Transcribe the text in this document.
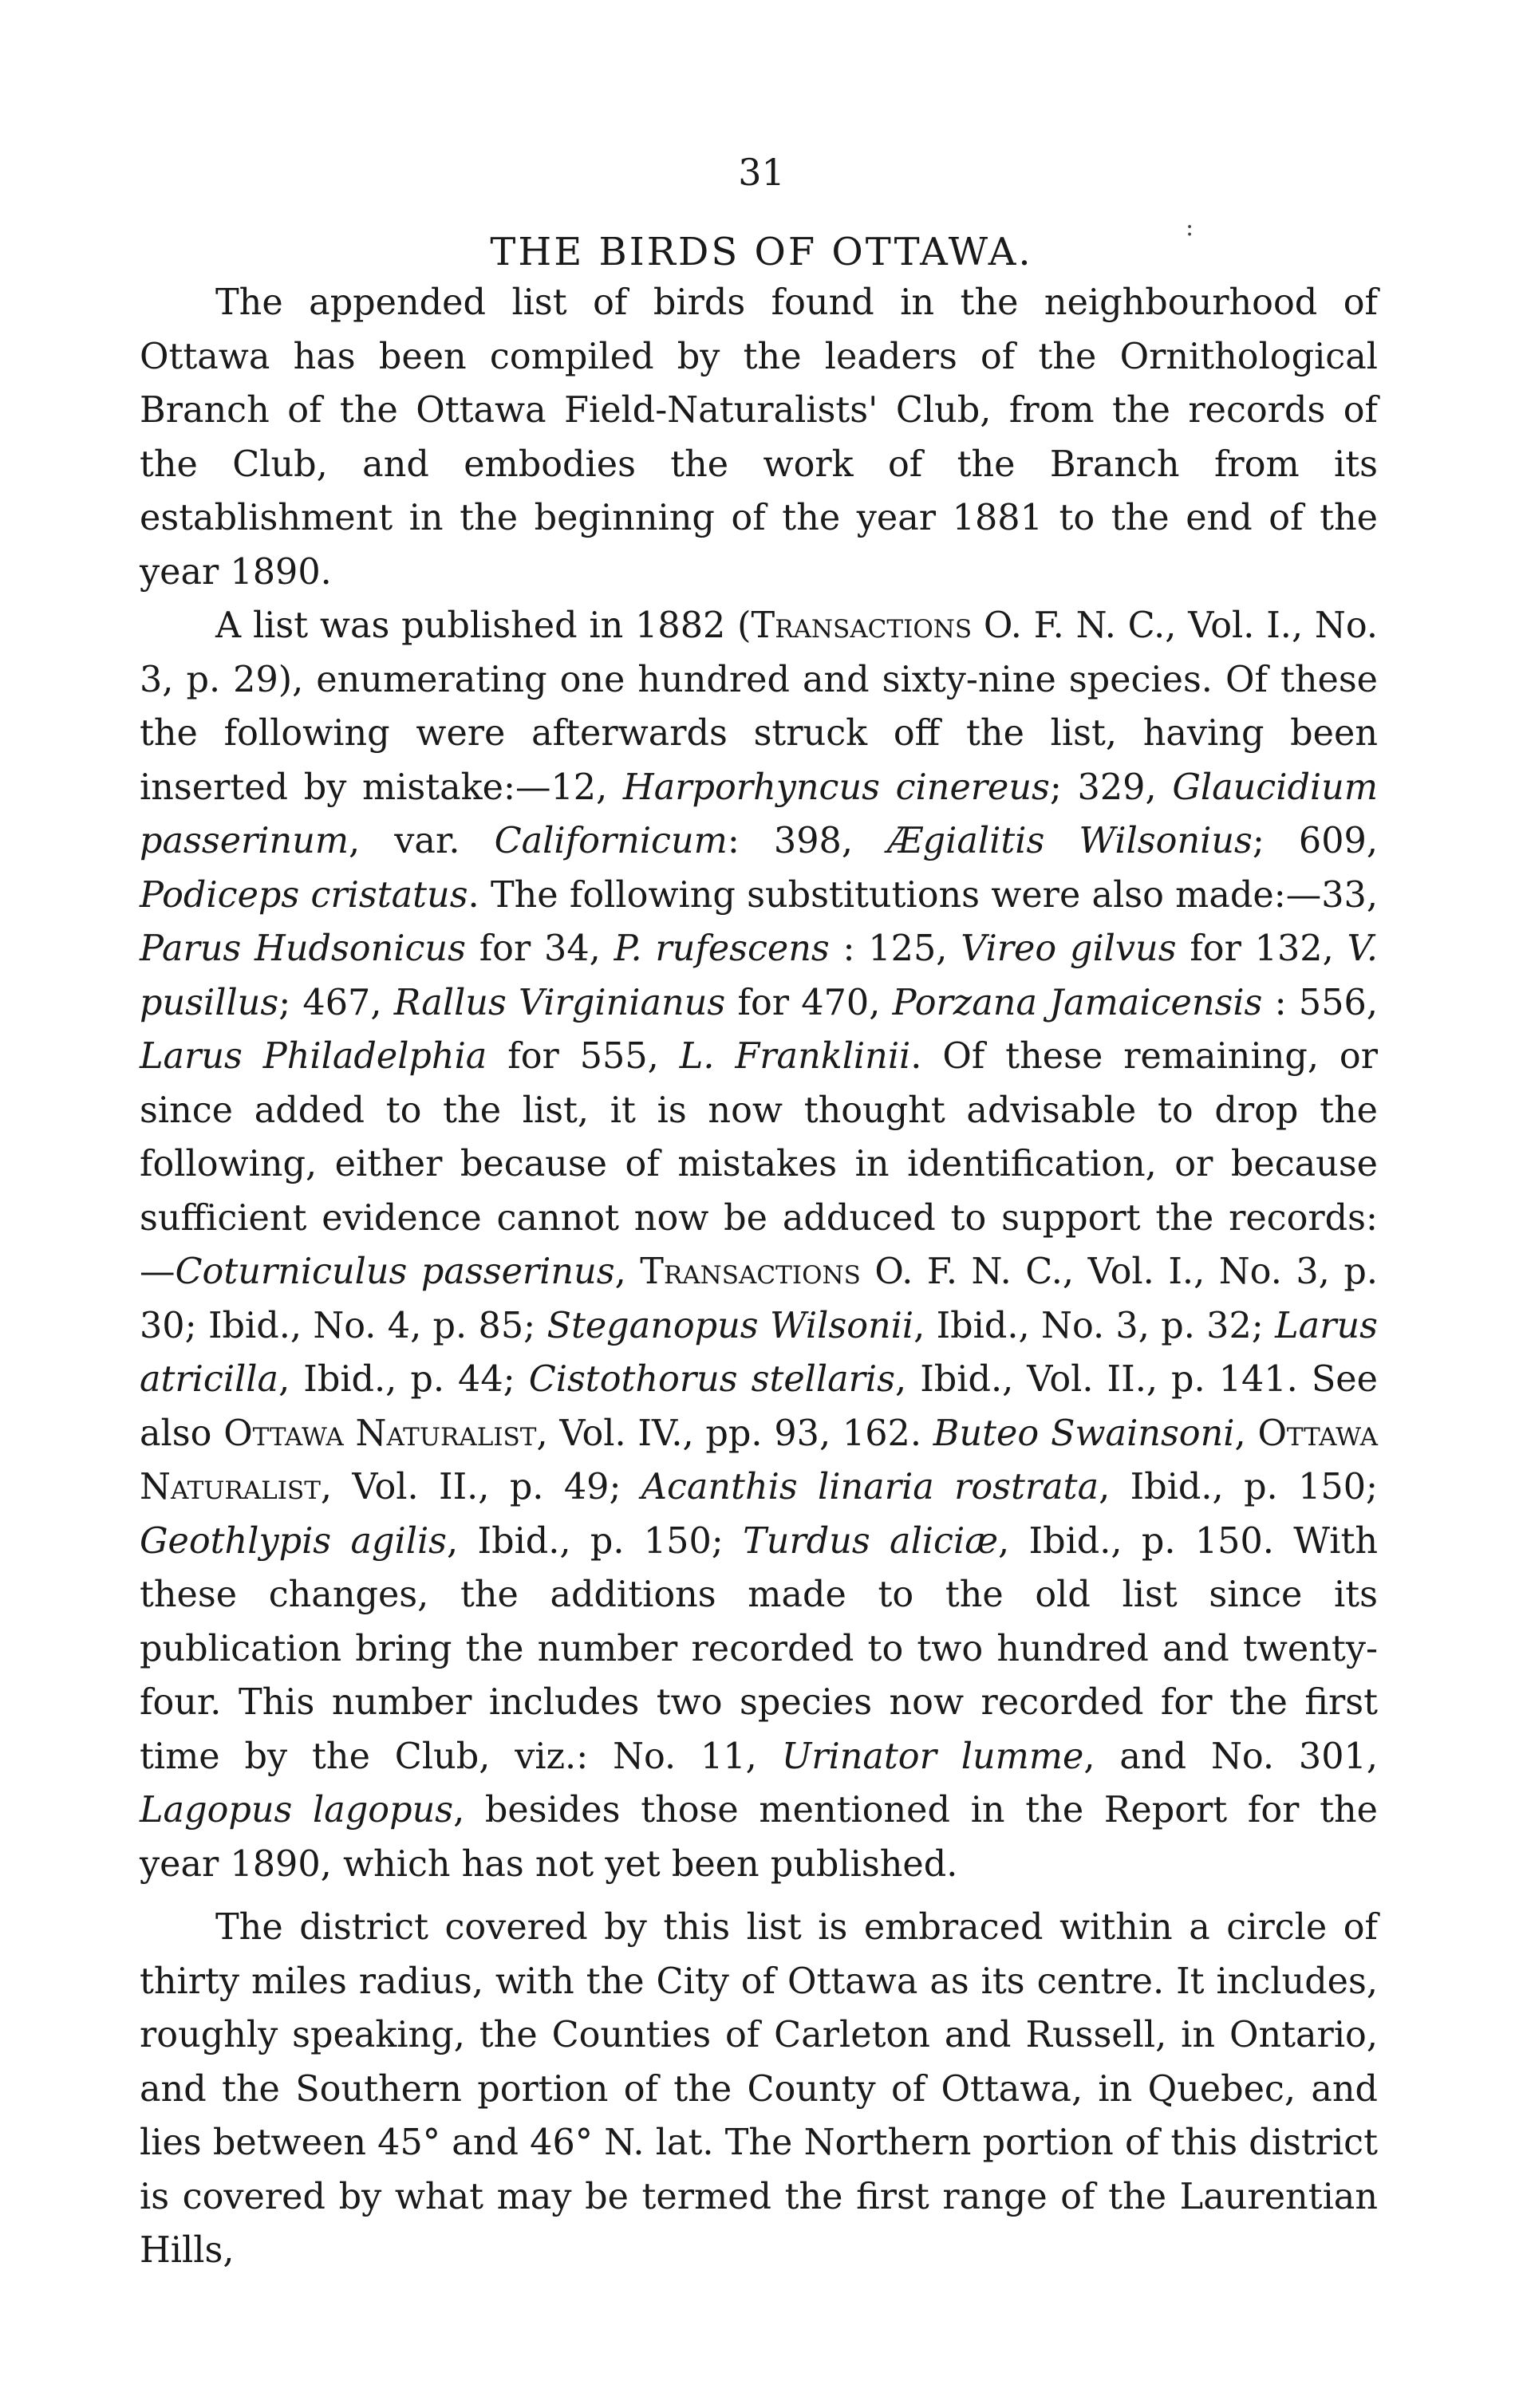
31
:
THE BIRDS OF OTTAWA.

The appended list of birds found in the neighbourhood of Ottawa has been compiled by the leaders of the Ornithological Branch of the Ottawa Field-Naturalists' Club, from the records of the Club, and embodies the work of the Branch from its establishment in the beginning of the year 1881 to the end of the year 1890.

A list was published in 1882 (Transactions O. F. N. C., Vol. I., No. 3, p. 29), enumerating one hundred and sixty-nine species. Of these the following were afterwards struck off the list, having been inserted by mistake:—12, Harporhyncus cinereus; 329, Glaucidium passerinum, var. Californicum: 398, Ægialitis Wilsonius; 609, Podiceps cristatus. The following substitutions were also made:—33, Parus Hudsonicus for 34, P. rufescens : 125, Vireo gilvus for 132, V. pusillus; 467, Rallus Virginianus for 470, Porzana Jamaicensis : 556, Larus Philadelphia for 555, L. Franklinii. Of these remaining, or since added to the list, it is now thought advisable to drop the following, either because of mistakes in identification, or because sufficient evidence cannot now be adduced to support the records:—Coturniculus passerinus, Transactions O. F. N. C., Vol. I., No. 3, p. 30; Ibid., No. 4, p. 85; Steganopus Wilsonii, Ibid., No. 3, p. 32; Larus atricilla, Ibid., p. 44; Cistothorus stellaris, Ibid., Vol. II., p. 141. See also Ottawa Naturalist, Vol. IV., pp. 93, 162. Buteo Swainsoni, Ottawa Naturalist, Vol. II., p. 49; Acanthis linaria rostrata, Ibid., p. 150; Geothlypis agilis, Ibid., p. 150; Turdus aliciæ, Ibid., p. 150. With these changes, the additions made to the old list since its publication bring the number recorded to two hundred and twenty-four. This number includes two species now recorded for the first time by the Club, viz.: No. 11, Urinator lumme, and No. 301, Lagopus lagopus, besides those mentioned in the Report for the year 1890, which has not yet been published.

The district covered by this list is embraced within a circle of thirty miles radius, with the City of Ottawa as its centre. It includes, roughly speaking, the Counties of Carleton and Russell, in Ontario, and the Southern portion of the County of Ottawa, in Quebec, and lies between 45° and 46° N. lat. The Northern portion of this district is covered by what may be termed the first range of the Laurentian Hills,
